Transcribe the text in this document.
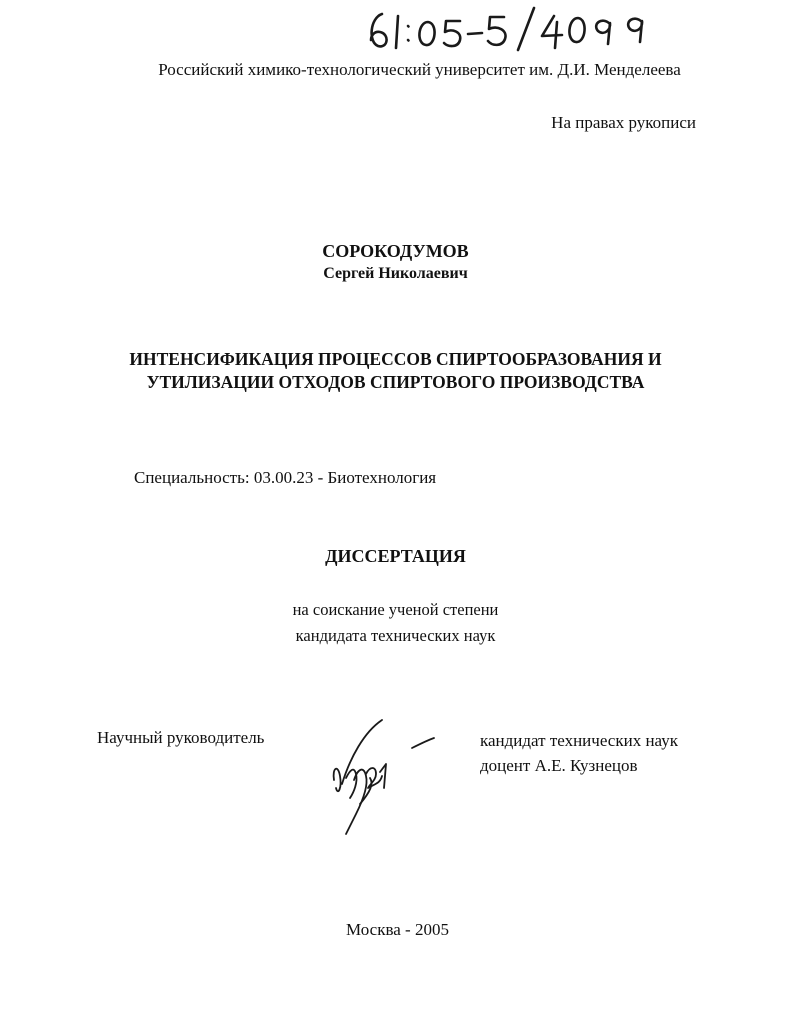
Российский химико-технологический университет им. Д.И. Менделеева
На правах рукописи
СОРОКОДУМОВ
Сергей Николаевич
ИНТЕНСИФИКАЦИЯ ПРОЦЕССОВ СПИРТООБРАЗОВАНИЯ И
УТИЛИЗАЦИИ ОТХОДОВ СПИРТОВОГО ПРОИЗВОДСТВА
Специальность: 03.00.23 - Биотехнология
ДИССЕРТАЦИЯ
на соискание ученой степени
кандидата технических наук
Научный руководитель	кандидат технических наук
доцент А.Е. Кузнецов
Москва - 2005
